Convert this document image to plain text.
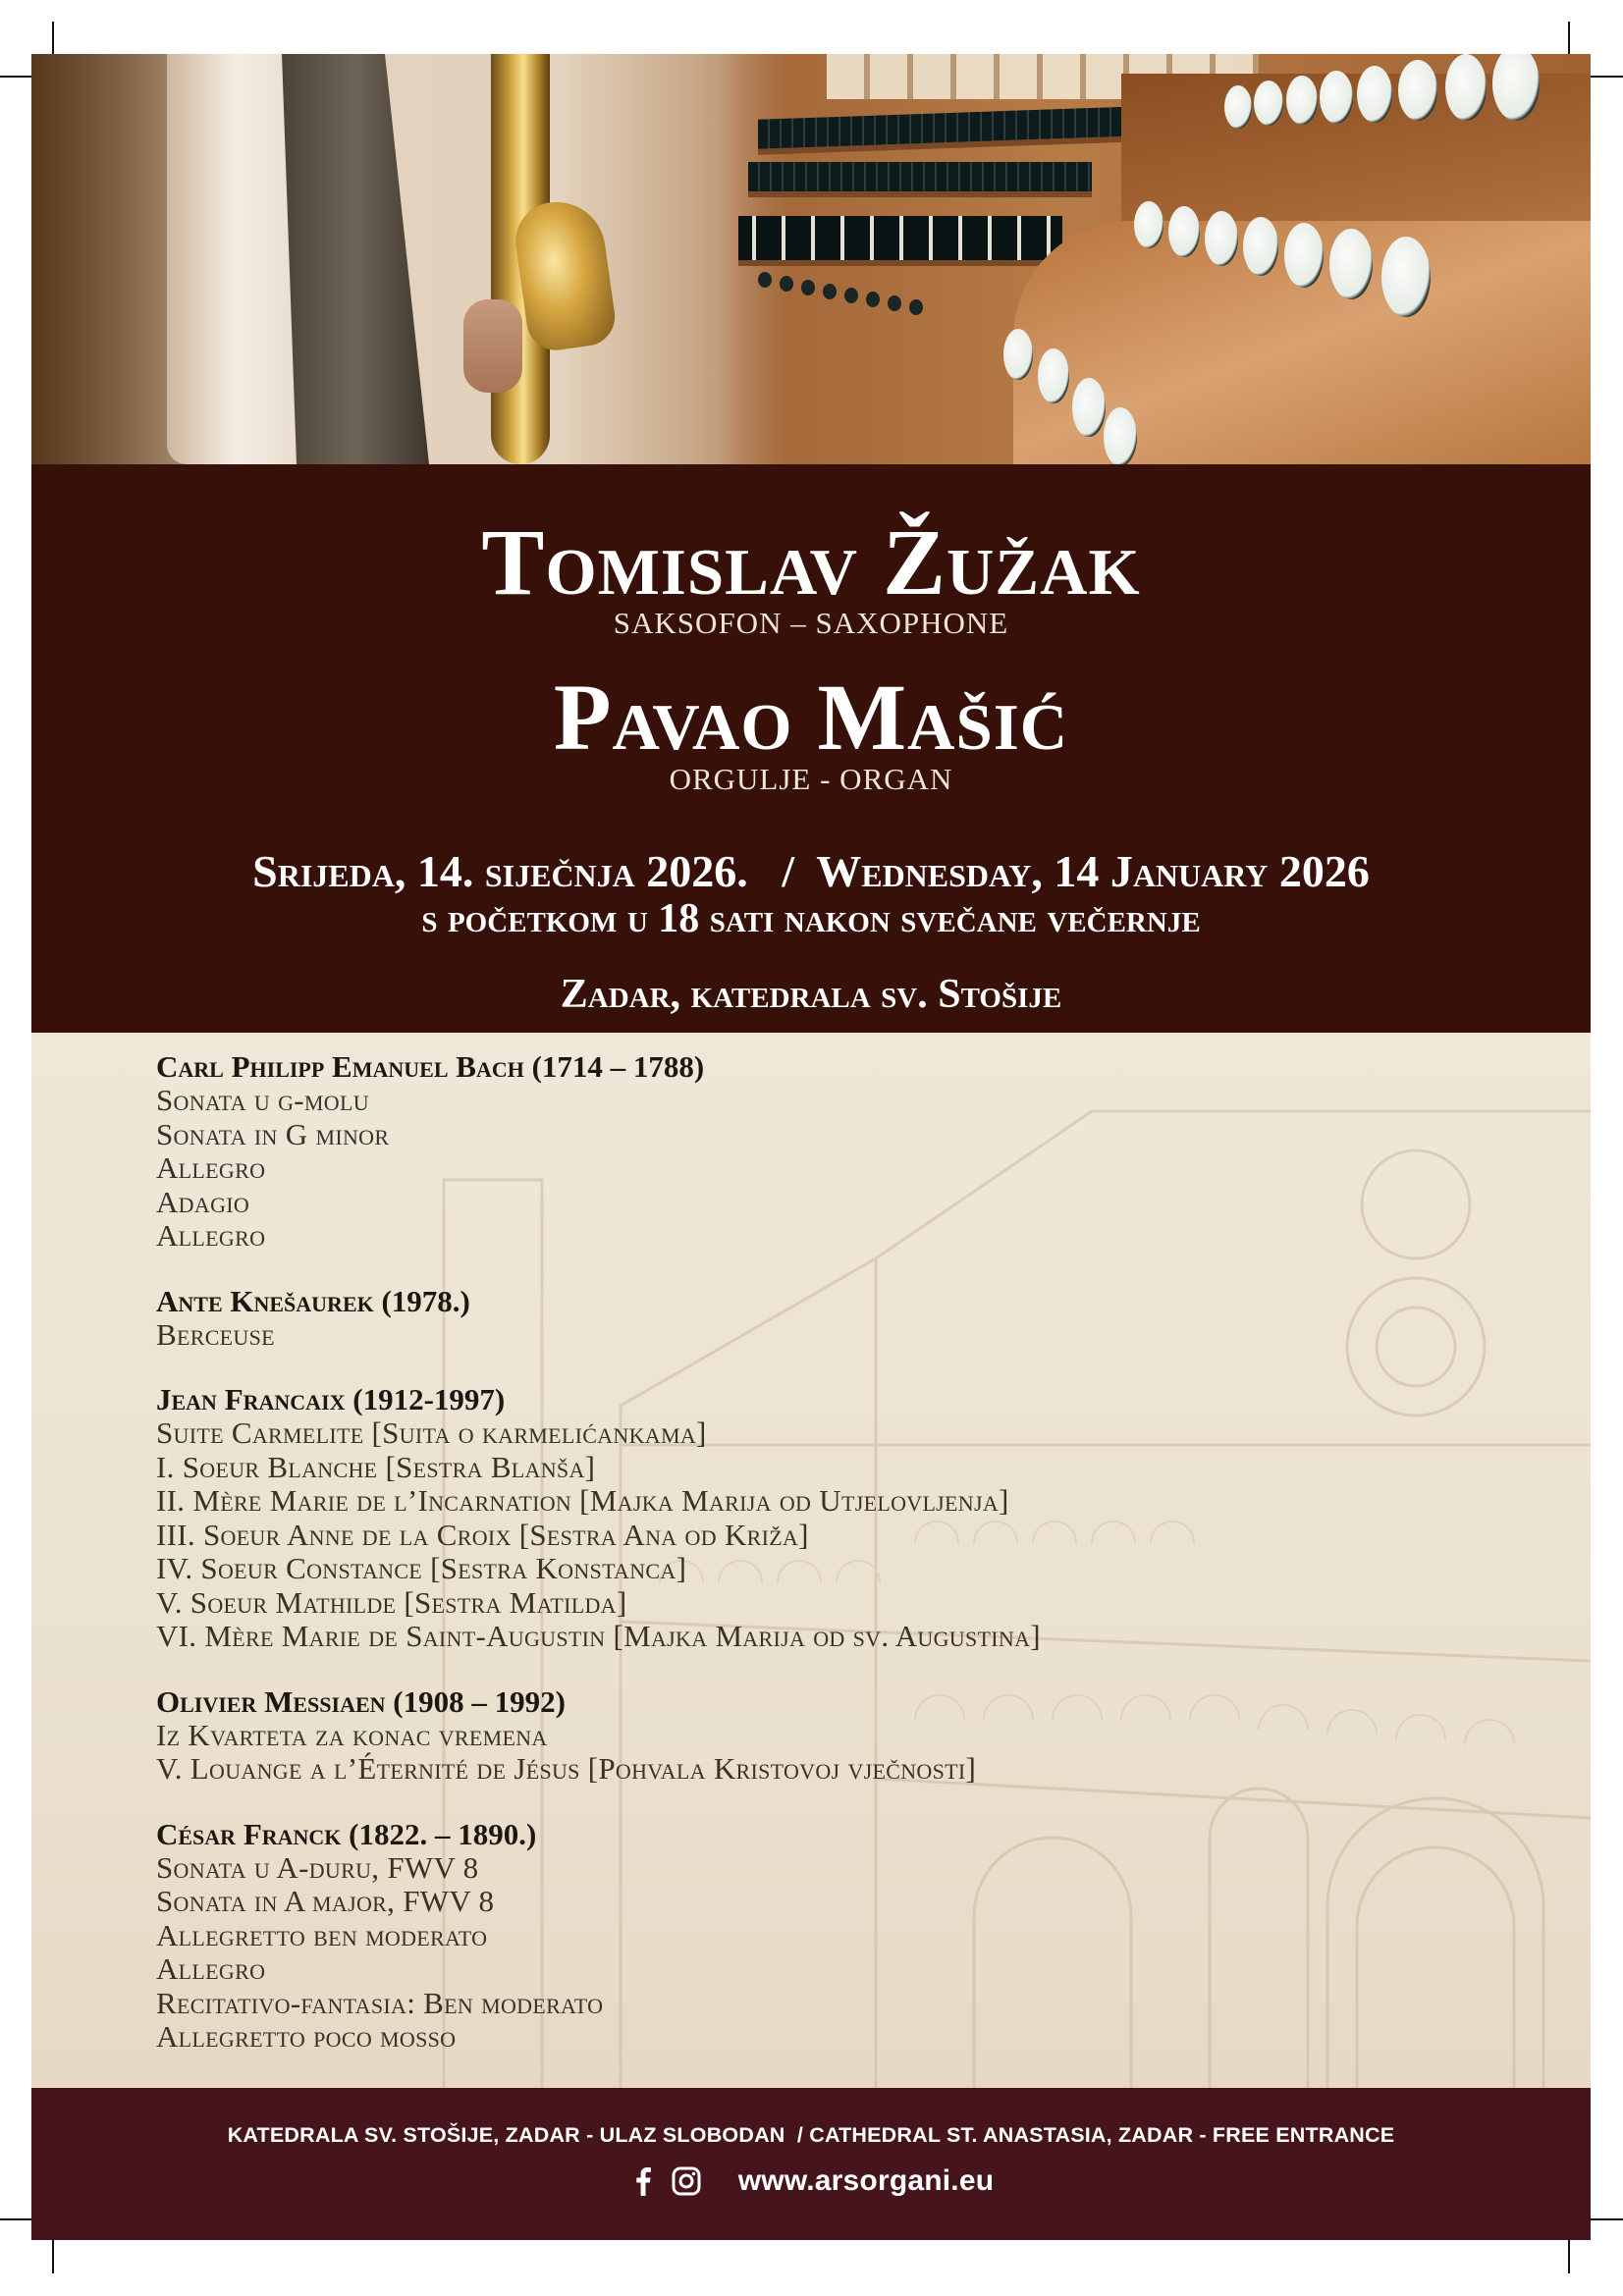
Tomislav Žužak
SAKSOFON – SAXOPHONE
Pavao Mašić
ORGULJE - ORGAN
Srijeda, 14. siječnja 2026.   /  Wednesday, 14 January 2026
s početkom u 18 sati nakon svečane večernje
Zadar, katedrala sv. Stošije
Carl Philipp Emanuel Bach (1714 – 1788)
Sonata u g-molu
Sonata in G minor
Allegro
Adagio
Allegro
Ante Knešaurek (1978.)
Berceuse
Jean Francaix (1912-1997)
Suite Carmelite [Suita o karmelićankama]
I. Soeur Blanche [Sestra Blanša]
II. Mère Marie de l’Incarnation [Majka Marija od Utjelovljenja]
III. Soeur Anne de la Croix [Sestra Ana od Križa]
IV. Soeur Constance [Sestra Konstanca]
V. Soeur Mathilde [Sestra Matilda]
VI. Mère Marie de Saint-Augustin [Majka Marija od sv. Augustina]
Olivier Messiaen (1908 – 1992)
Iz Kvarteta za konac vremena
V. Louange a l’Éternité de Jésus [Pohvala Kristovoj vječnosti]
César Franck (1822. – 1890.)
Sonata u A-duru, FWV 8
Sonata in A major, FWV 8
Allegretto ben moderato
Allegro
Recitativo-fantasia: Ben moderato
Allegretto poco mosso
KATEDRALA SV. STOŠIJE, ZADAR - ULAZ SLOBODAN  / CATHEDRAL ST. ANASTASIA, ZADAR - FREE ENTRANCE
www.arsorgani.eu
